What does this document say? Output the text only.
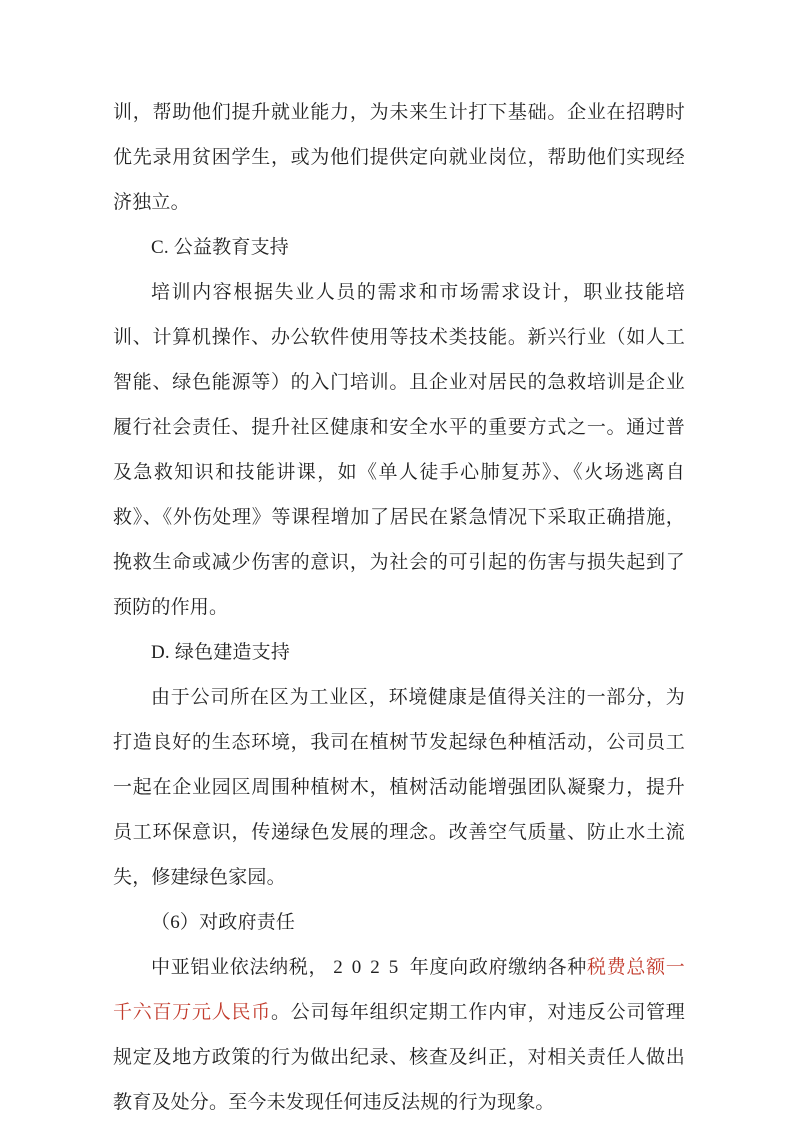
训，帮助他们提升就业能力，为未来生计打下基础。企业在招聘时优先录用贫困学生，或为他们提供定向就业岗位，帮助他们实现经济独立。

C. 公益教育支持

培训内容根据失业人员的需求和市场需求设计，职业技能培训、计算机操作、办公软件使用等技术类技能。新兴行业（如人工智能、绿色能源等）的入门培训。且企业对居民的急救培训是企业履行社会责任、提升社区健康和安全水平的重要方式之一。通过普及急救知识和技能讲课，如《单人徒手心肺复苏》、《火场逃离自救》、《外伤处理》等课程增加了居民在紧急情况下采取正确措施，挽救生命或减少伤害的意识，为社会的可引起的伤害与损失起到了预防的作用。

D. 绿色建造支持

由于公司所在区为工业区，环境健康是值得关注的一部分，为打造良好的生态环境，我司在植树节发起绿色种植活动，公司员工一起在企业园区周围种植树木，植树活动能增强团队凝聚力，提升员工环保意识，传递绿色发展的理念。改善空气质量、防止水土流失，修建绿色家园。

（6）对政府责任

中亚铝业依法纳税， 2025 年度向政府缴纳各种税费总额一千六百万元人民币。公司每年组织定期工作内审，对违反公司管理规定及地方政策的行为做出纪录、核查及纠正，对相关责任人做出教育及处分。至今未发现任何违反法规的行为现象。
